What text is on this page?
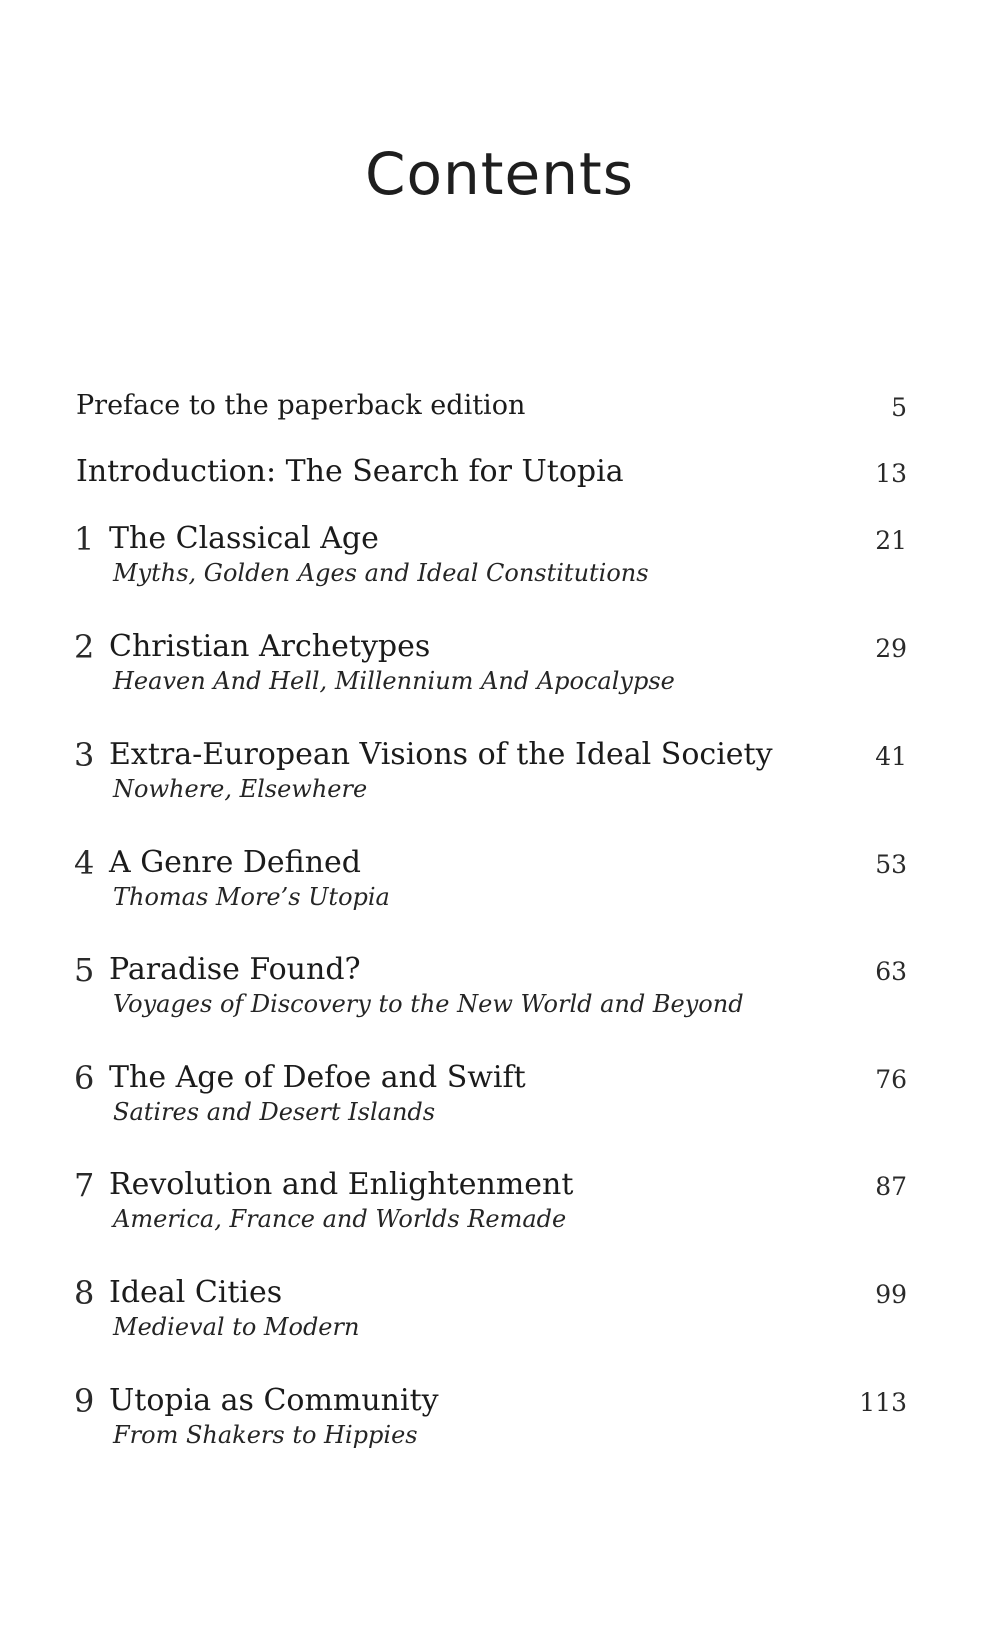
Contents
Preface to the paperback edition	5
Introduction: The Search for Utopia	13
1 The Classical Age	21
Myths, Golden Ages and Ideal Constitutions
2 Christian Archetypes	29
Heaven And Hell, Millennium And Apocalypse
3 Extra-European Visions of the Ideal Society	41
Nowhere, Elsewhere
4 A Genre Defined	53
Thomas More’s Utopia
5 Paradise Found?	63
Voyages of Discovery to the New World and Beyond
6 The Age of Defoe and Swift	76
Satires and Desert Islands
7 Revolution and Enlightenment	87
America, France and Worlds Remade
8 Ideal Cities	99
Medieval to Modern
9 Utopia as Community	113
From Shakers to Hippies
